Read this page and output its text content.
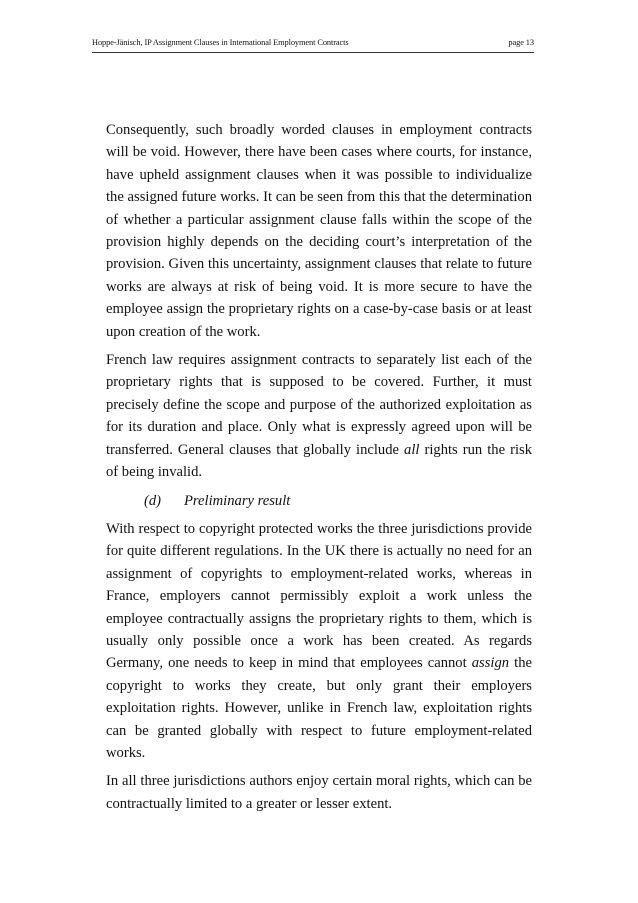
Hoppe-Jänisch, IP Assignment Clauses in International Employment Contracts	page 13

Consequently, such broadly worded clauses in employment contracts will be void. However, there have been cases where courts, for instance, have upheld assignment clauses when it was possible to individualize the assigned future works. It can be seen from this that the determination of whether a particular assignment clause falls within the scope of the provision highly depends on the deciding court’s interpretation of the provision. Given this uncertainty, assignment clauses that relate to future works are always at risk of being void. It is more secure to have the employee assign the proprietary rights on a case-by-case basis or at least upon creation of the work.

French law requires assignment contracts to separately list each of the proprietary rights that is supposed to be covered. Further, it must precisely define the scope and purpose of the authorized exploitation as for its duration and place. Only what is expressly agreed upon will be transferred. General clauses that globally include all rights run the risk of being invalid.

(d) Preliminary result

With respect to copyright protected works the three jurisdictions provide for quite different regulations. In the UK there is actually no need for an assignment of copyrights to employment-related works, whereas in France, employers cannot permissibly exploit a work unless the employee contractually assigns the proprietary rights to them, which is usually only possible once a work has been created. As regards Germany, one needs to keep in mind that employees cannot assign the copyright to works they create, but only grant their employers exploitation rights. However, unlike in French law, exploitation rights can be granted globally with respect to future employment-related works.

In all three jurisdictions authors enjoy certain moral rights, which can be contractually limited to a greater or lesser extent.
